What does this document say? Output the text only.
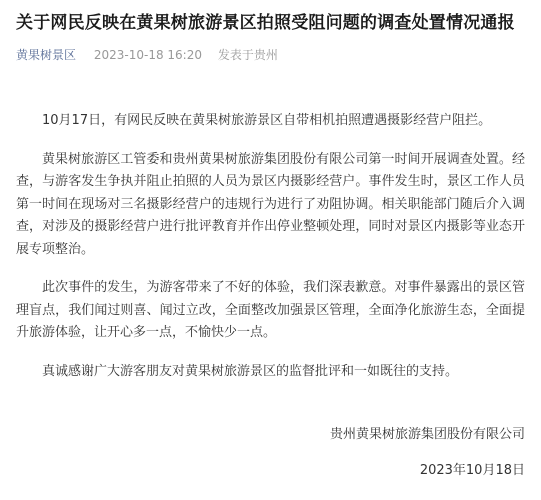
关于网民反映在黄果树旅游景区拍照受阻问题的调查处置情况通报
黄果树景区 2023-10-18 16:20 发表于贵州

10月17日，有网民反映在黄果树旅游景区自带相机拍照遭遇摄影经营户阻拦。

黄果树旅游区工管委和贵州黄果树旅游集团股份有限公司第一时间开展调查处置。经查，与游客发生争执并阻止拍照的人员为景区内摄影经营户。事件发生时，景区工作人员第一时间在现场对三名摄影经营户的违规行为进行了劝阻协调。相关职能部门随后介入调查，对涉及的摄影经营户进行批评教育并作出停业整顿处理，同时对景区内摄影等业态开展专项整治。

此次事件的发生，为游客带来了不好的体验，我们深表歉意。对事件暴露出的景区管理盲点，我们闻过则喜、闻过立改，全面整改加强景区管理，全面净化旅游生态，全面提升旅游体验，让开心多一点，不愉快少一点。

真诚感谢广大游客朋友对黄果树旅游景区的监督批评和一如既往的支持。

贵州黄果树旅游集团股份有限公司
2023年10月18日
